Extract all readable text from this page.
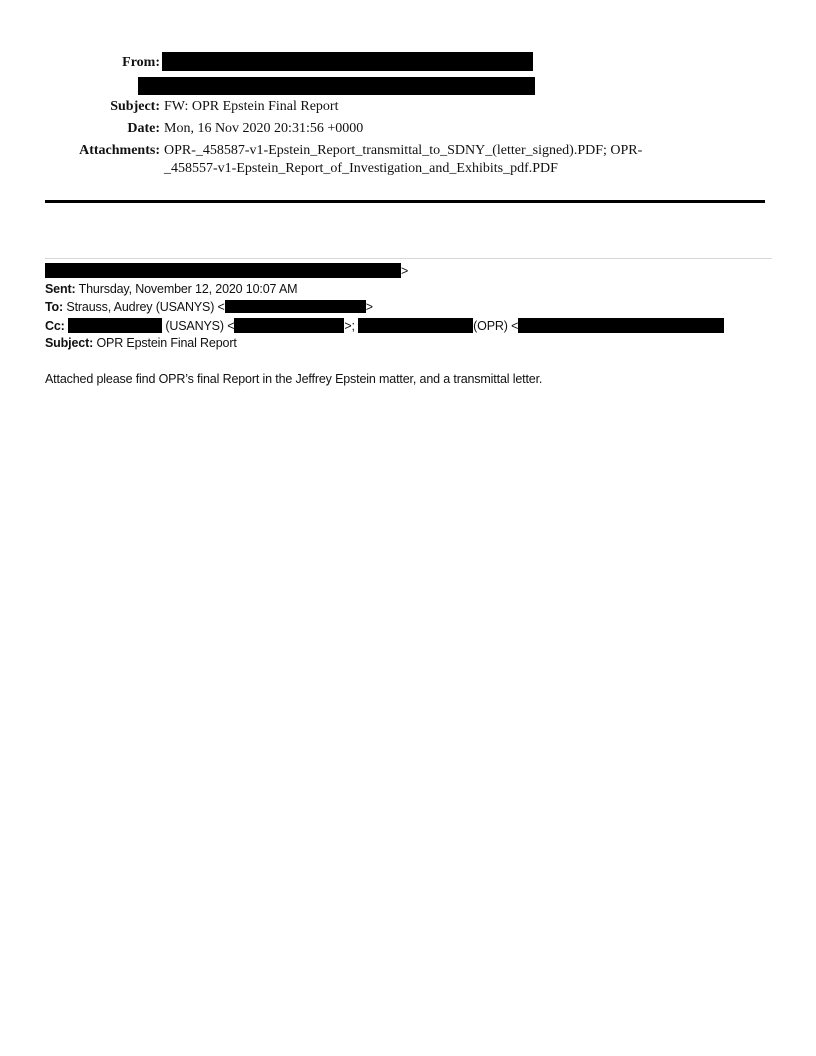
From:
Subject: FW: OPR Epstein Final Report
Date: Mon, 16 Nov 2020 20:31:56 +0000
Attachments: OPR-_458587-v1-Epstein_Report_transmittal_to_SDNY_(letter_signed).PDF; OPR-
_458557-v1-Epstein_Report_of_Investigation_and_Exhibits_pdf.PDF
>
Sent: Thursday, November 12, 2020 10:07 AM
To: Strauss, Audrey (USANYS) <	>
Cc:	(USANYS) <	>;	(OPR) <
Subject: OPR Epstein Final Report
Attached please find OPR’s final Report in the Jeffrey Epstein matter, and a transmittal letter.
